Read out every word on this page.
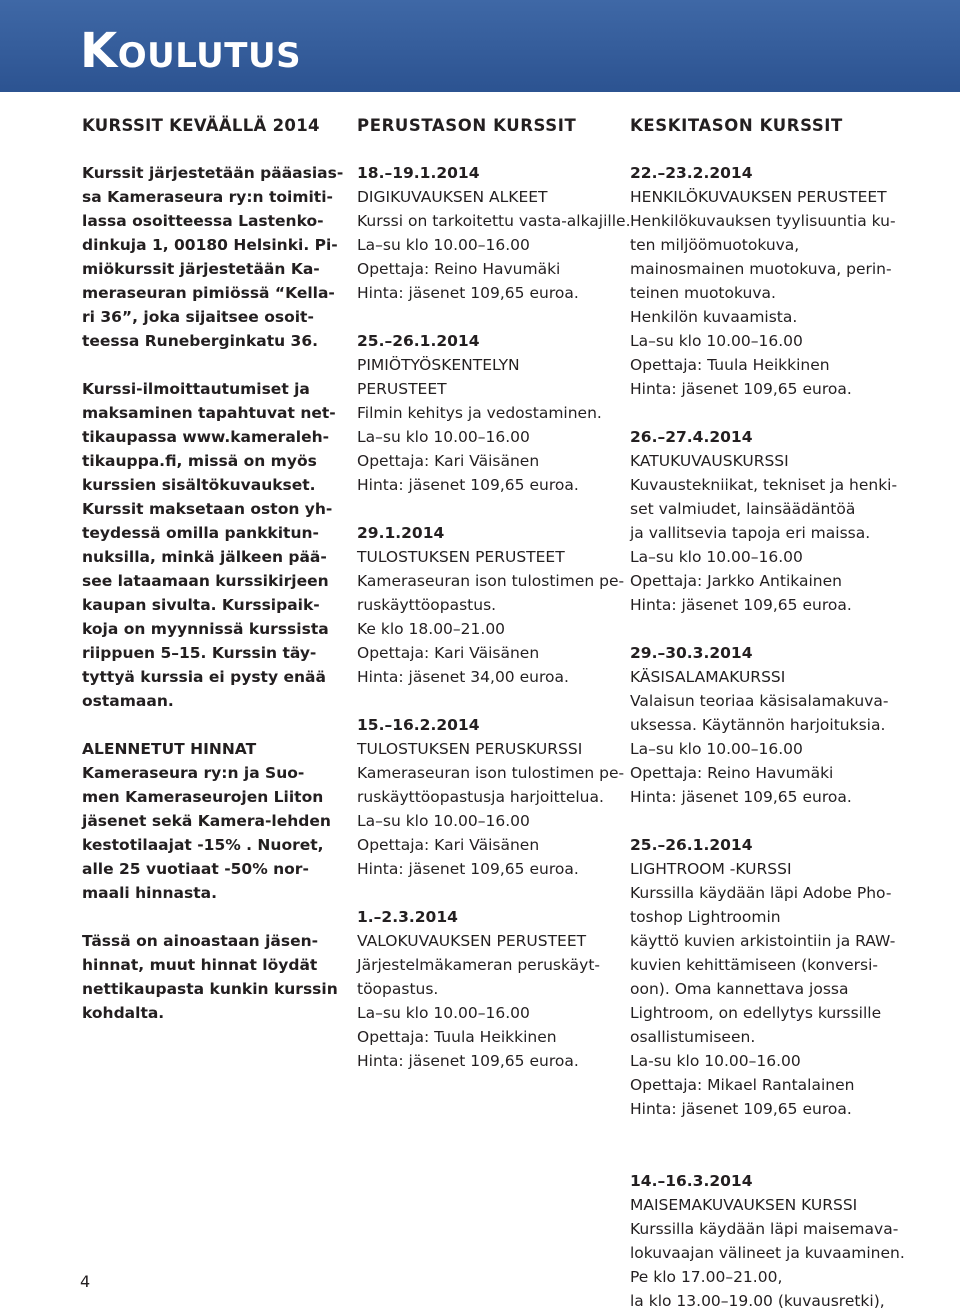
Koulutus
KURSSIT KEVÄÄLLÄ 2014
Kurssit järjestetään pääasias-
sa Kameraseura ry:n toimiti-
lassa osoitteessa Lastenko-
dinkuja 1, 00180 Helsinki. Pi-
miökurssit järjestetään Ka-
meraseuran pimiössä “Kella-
ri 36”, joka sijaitsee osoit-
teessa Runeberginkatu 36.
Kurssi-ilmoittautumiset ja
maksaminen tapahtuvat net-
tikaupassa www.kameraleh-
tikauppa.fi, missä on myös
kurssien sisältökuvaukset.
Kurssit maksetaan oston yh-
teydessä omilla pankkitun-
nuksilla, minkä jälkeen pää-
see lataamaan kurssikirjeen
kaupan sivulta. Kurssipaik-
koja on myynnissä kurssista
riippuen 5–15. Kurssin täy-
tyttyä kurssia ei pysty enää
ostamaan.
ALENNETUT HINNAT
Kameraseura ry:n ja Suo-
men Kameraseurojen Liiton
jäsenet sekä Kamera-lehden
kestotilaajat -15% . Nuoret,
alle 25 vuotiaat -50% nor-
maali hinnasta.
Tässä on ainoastaan jäsen-
hinnat, muut hinnat löydät
nettikaupasta kunkin kurssin
kohdalta.
PERUSTASON KURSSIT
18.–19.1.2014
DIGIKUVAUKSEN ALKEET
Kurssi on tarkoitettu vasta-alkajille.
La–su klo 10.00–16.00
Opettaja: Reino Havumäki
Hinta: jäsenet 109,65 euroa.
25.–26.1.2014
PIMIÖTYÖSKENTELYN
PERUSTEET
Filmin kehitys ja vedostaminen.
La–su klo 10.00–16.00
Opettaja: Kari Väisänen
Hinta: jäsenet 109,65 euroa.
29.1.2014
TULOSTUKSEN PERUSTEET
Kameraseuran ison tulostimen pe-
ruskäyttöopastus.
Ke klo 18.00–21.00
Opettaja: Kari Väisänen
Hinta: jäsenet 34,00 euroa.
15.–16.2.2014
TULOSTUKSEN PERUSKURSSI
Kameraseuran ison tulostimen pe-
ruskäyttöopastusja harjoittelua.
La–su klo 10.00–16.00
Opettaja: Kari Väisänen
Hinta: jäsenet 109,65 euroa.
1.–2.3.2014
VALOKUVAUKSEN PERUSTEET
Järjestelmäkameran peruskäyt-
töopastus.
La–su klo 10.00–16.00
Opettaja: Tuula Heikkinen
Hinta: jäsenet 109,65 euroa.
KESKITASON KURSSIT
22.–23.2.2014
HENKILÖKUVAUKSEN PERUSTEET
Henkilökuvauksen tyylisuuntia ku-
ten miljöömuotokuva,
mainosmainen muotokuva, perin-
teinen muotokuva.
Henkilön kuvaamista.
La–su klo 10.00–16.00
Opettaja: Tuula Heikkinen
Hinta: jäsenet 109,65 euroa.
26.–27.4.2014
KATUKUVAUSKURSSI
Kuvaustekniikat, tekniset ja henki-
set valmiudet, lainsäädäntöä
ja vallitsevia tapoja eri maissa.
La–su klo 10.00–16.00
Opettaja: Jarkko Antikainen
Hinta: jäsenet 109,65 euroa.
29.–30.3.2014
KÄSISALAMAKURSSI
Valaisun teoriaa käsisalamakuva-
uksessa. Käytännön harjoituksia.
La–su klo 10.00–16.00
Opettaja: Reino Havumäki
Hinta: jäsenet 109,65 euroa.
25.–26.1.2014
LIGHTROOM -KURSSI
Kurssilla käydään läpi Adobe Pho-
toshop Lightroomin
käyttö kuvien arkistointiin ja RAW-
kuvien kehittämiseen (konversi-
oon). Oma kannettava jossa
Lightroom, on edellytys kurssille
osallistumiseen.
La-su klo 10.00–16.00
Opettaja: Mikael Rantalainen
Hinta: jäsenet 109,65 euroa.
14.–16.3.2014
MAISEMAKUVAUKSEN KURSSI
Kurssilla käydään läpi maisemava-
lokuvaajan välineet ja kuvaaminen.
Pe klo 17.00–21.00,
la klo 13.00–19.00 (kuvausretki),
4
